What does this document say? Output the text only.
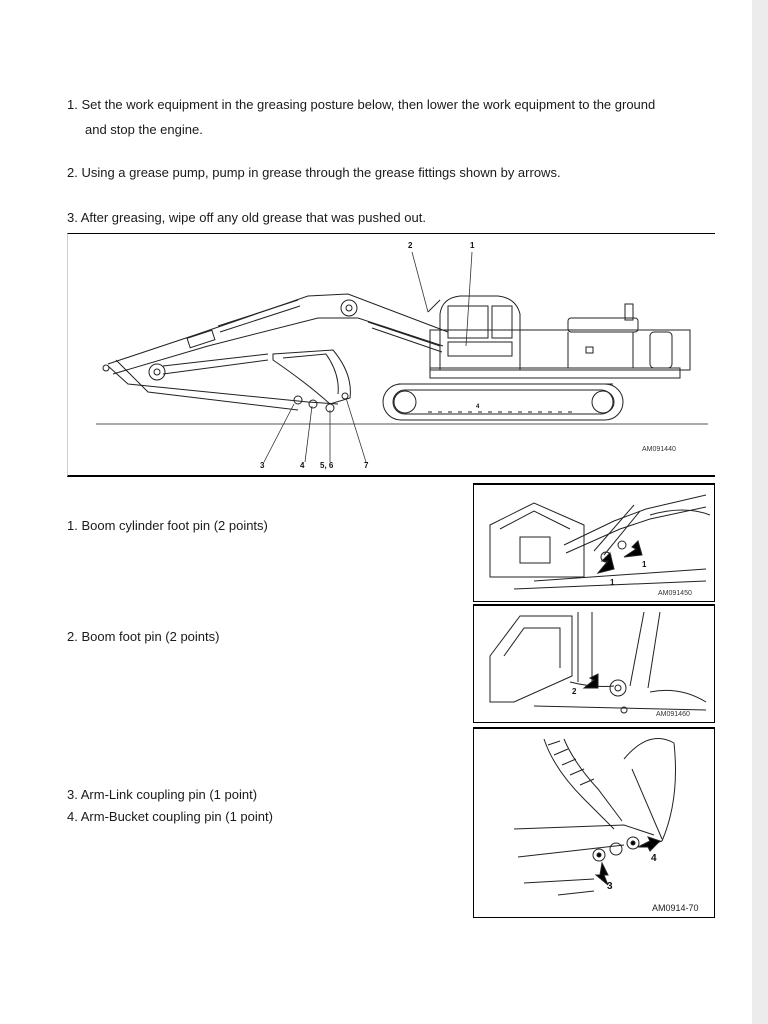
1. Set the work equipment in the greasing posture below, then lower the work equipment to the ground
and stop the engine.

2. Using a grease pump, pump in grease through the grease fittings shown by arrows.

3. After greasing, wipe off any old grease that was pushed out.

3	4 5, 6	7
2	1
4
AM091440

1. Boom cylinder foot pin (2 points)

2. Boom foot pin (2 points)

3. Arm-Link coupling pin (1 point)

4. Arm-Bucket coupling pin (1 point)

1
1
AM091450
2
AM091460
3
4
AM0914-70
